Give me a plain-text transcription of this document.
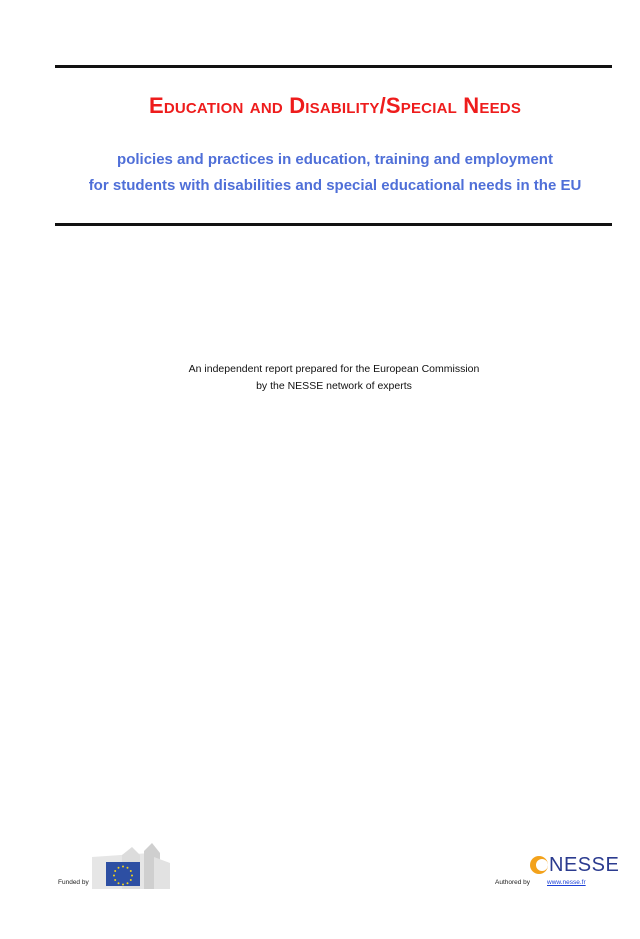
Education and Disability/Special Needs
policies and practices in education, training and employment
for students with disabilities and special educational needs in the EU
An independent report prepared for the European Commission
by the NESSE network of experts
Funded by	Authored by
NESSE
www.nesse.fr
